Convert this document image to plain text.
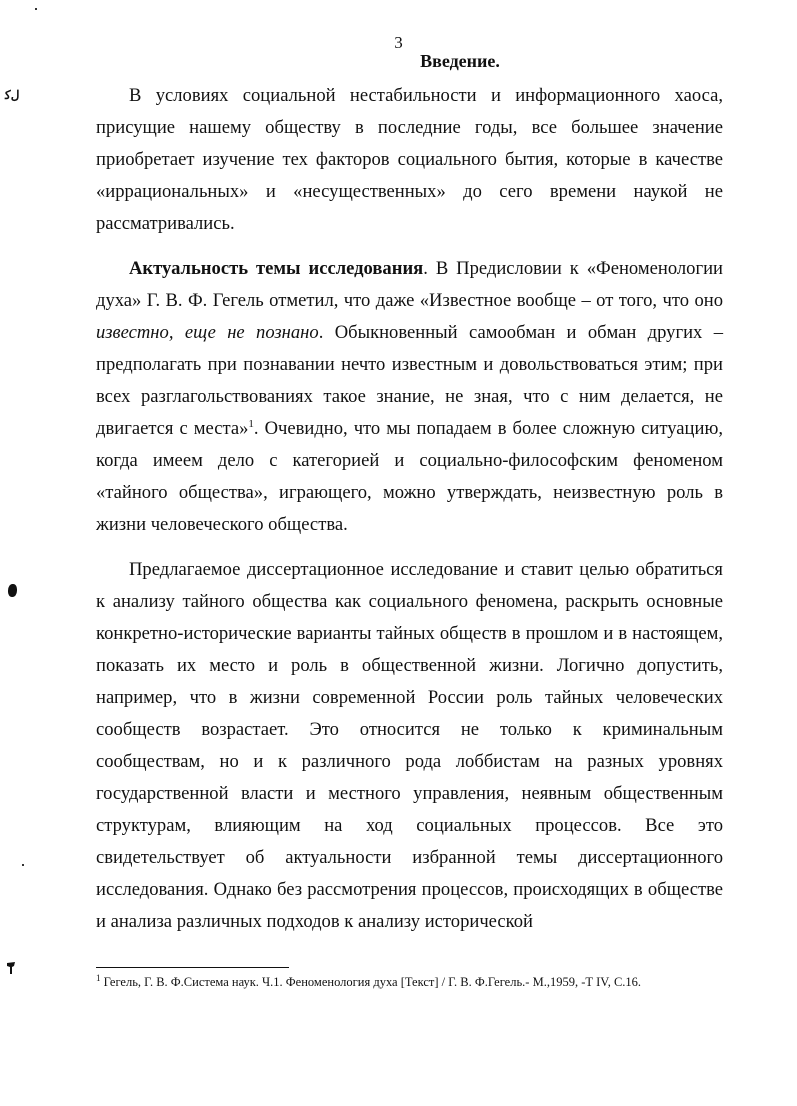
3
Введение.

В условиях социальной нестабильности и информационного хаоса, присущие нашему обществу в последние годы, все большее значение приобретает изучение тех факторов социального бытия, которые в качестве «иррациональных» и «несущественных» до сего времени наукой не рассматривались.

Актуальность темы исследования. В Предисловии к «Феноменологии духа» Г. В. Ф. Гегель отметил, что даже «Известное вообще – от того, что оно известно, еще не познано. Обыкновенный самообман и обман других – предполагать при познавании нечто известным и довольствоваться этим; при всех разглагольствованиях такое знание, не зная, что с ним делается, не двигается с места»$^1$. Очевидно, что мы попадаем в более сложную ситуацию, когда имеем дело с категорией и социально-философским феноменом «тайного общества», играющего, можно утверждать, неизвестную роль в жизни человеческого общества.

Предлагаемое диссертационное исследование и ставит целью обратиться к анализу тайного общества как социального феномена, раскрыть основные конкретно-исторические варианты тайных обществ в прошлом и в настоящем, показать их место и роль в общественной жизни. Логично допустить, например, что в жизни современной России роль тайных человеческих сообществ возрастает. Это относится не только к криминальным сообществам, но и к различного рода лоббистам на разных уровнях государственной власти и местного управления, неявным общественным структурам, влияющим на ход социальных процессов. Все это свидетельствует об актуальности избранной темы диссертационного исследования. Однако без рассмотрения процессов, происходящих в обществе и анализа различных подходов к анализу исторической

$^1$ Гегель, Г. В. Ф.Система наук. Ч.1. Феноменология духа [Текст] / Г. В. Ф.Гегель.- М.,1959, -Т IV, С.16.
ﻝﻛ
